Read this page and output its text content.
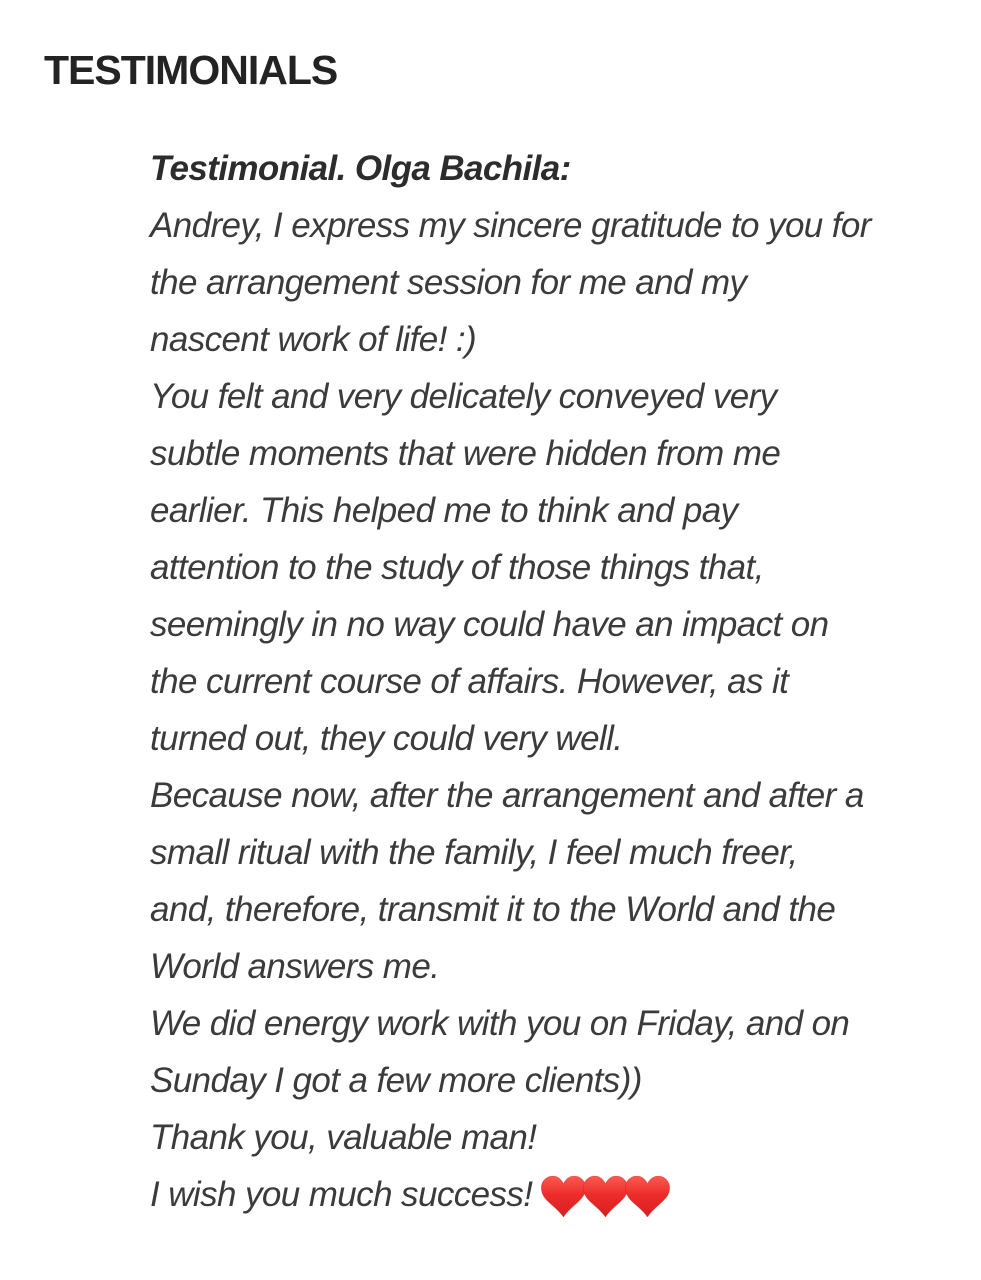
TESTIMONIALS
Testimonial. Olga Bachila:
Andrey, I express my sincere gratitude to you for
the arrangement session for me and my
nascent work of life! :)
You felt and very delicately conveyed very
subtle moments that were hidden from me
earlier. This helped me to think and pay
attention to the study of those things that,
seemingly in no way could have an impact on
the current course of affairs. However, as it
turned out, they could very well.
Because now, after the arrangement and after a
small ritual with the family, I feel much freer,
and, therefore, transmit it to the World and the
World answers me.
We did energy work with you on Friday, and on
Sunday I got a few more clients))
Thank you, valuable man!
I wish you much success!
